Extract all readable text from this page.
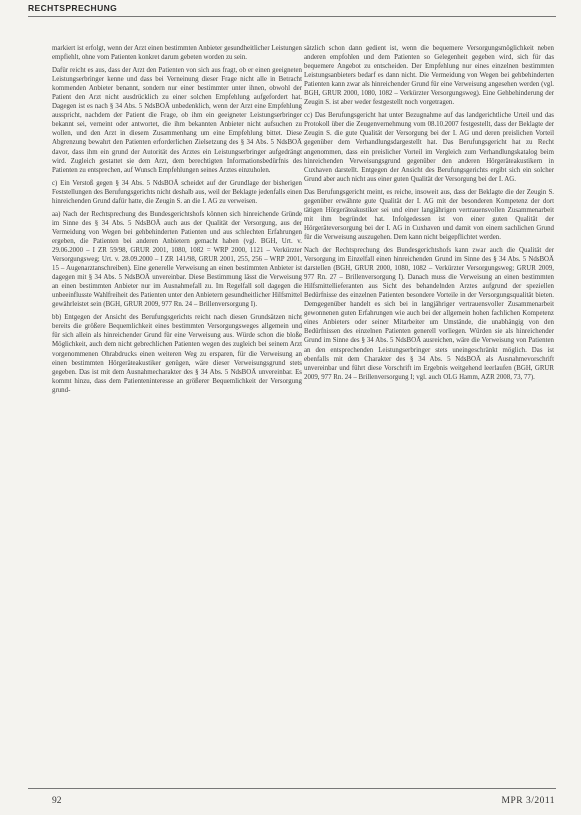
RECHTSPRECHUNG

markiert ist erfolgt, wenn der Arzt einen bestimmten Anbieter gesundheitlicher Leistungen empfiehlt, ohne vom Patienten konkret darum gebeten worden zu sein.

Dafür reicht es aus, dass der Arzt den Patienten von sich aus fragt, ob er einen geeigneten Leistungserbringer kenne und dass bei Verneinung dieser Frage nicht alle in Betracht kommenden Anbieter benannt, sondern nur einer bestimmter unter ihnen, obwohl der Patient den Arzt nicht ausdrücklich zu einer solchen Empfehlung aufgefordert hat. Dagegen ist es nach § 34 Abs. 5 NdsBOÄ unbedenklich, wenn der Arzt eine Empfehlung ausspricht, nachdem der Patient die Frage, ob ihm ein geeigneter Leistungserbringer bekannt sei, verneint oder antwortet, die ihm bekannten Anbieter nicht aufsuchen zu wollen, und den Arzt in diesem Zusammenhang um eine Empfehlung bittet. Diese Abgrenzung bewahrt den Patienten erforderlichen Zielsetzung des § 34 Abs. 5 NdsBOÄ davor, dass ihm ein grund der Autorität des Arztes ein Leistungserbringer aufgedrängt wird. Zugleich gestattet sie dem Arzt, dem berechtigten Informationsbedürfnis des Patienten zu entsprechen, auf Wunsch Empfehlungen seines Arztes einzuholen.

c) Ein Verstoß gegen § 34 Abs. 5 NdsBOÄ scheidet auf der Grundlage der bisherigen Feststellungen des Berufungsgerichts nicht deshalb aus, weil der Beklagte jedenfalls einen hinreichenden Grund dafür hatte, die Zeugin S. an die I. AG zu verweisen.

aa) Nach der Rechtsprechung des Bundesgerichtshofs können sich hinreichende Gründe im Sinne des § 34 Abs. 5 NdsBOÄ auch aus der Qualität der Versorgung, aus der Vermeidung von Wegen bei gehbehinderten Patienten und aus schlechten Erfahrungen ergeben, die Patienten bei anderen Anbietern gemacht haben (vgl. BGH, Urt. v. 29.06.2000 – I ZR 59/98, GRUR 2001, 1080, 1082 = WRP 2000, 1121 – Verkürzter Versorgungsweg; Urt. v. 28.09.2000 – I ZR 141/98, GRUR 2001, 255, 256 – WRP 2001, 15 – Augenarztanschreiben). Eine generelle Verweisung an einen bestimmten Anbieter ist dagegen mit § 34 Abs. 5 NdsBOÄ unvereinbar. Diese Bestimmung lässt die Verweisung an einen bestimmten Anbieter nur im Ausnahmefall zu. Im Regelfall soll dagegen die unbeeinflusste Wahlfreiheit des Patienten unter den Anbietern gesundheitlicher Hilfsmittel gewährleistet sein (BGH, GRUR 2009, 977 Rn. 24 – Brillenversorgung I).

bb) Entgegen der Ansicht des Berufungsgerichts reicht nach diesen Grundsätzen nicht bereits die größere Bequemlichkeit eines bestimmten Versorgungsweges allgemein und für sich allein als hinreichender Grund für eine Verweisung aus. Würde schon die bloße Möglichkeit, auch dem nicht gebrechlichen Patienten wegen des zugleich bei seinem Arzt vorgenommenen Ohrabdrucks einen weiteren Weg zu ersparen, für die Verweisung an einen bestimmten Hörgeräteakustiker genügen, wäre dieser Verweisungsgrund stets gegeben. Das ist mit dem Ausnahmecharakter des § 34 Abs. 5 NdsBOÄ unvereinbar. Es kommt hinzu, dass dem Patienteninteresse an größerer Bequemlichkeit der Versorgung grund-

sätzlich schon dann gedient ist, wenn die bequemere Versorgungsmöglichkeit neben anderen empfohlen und dem Patienten so Gelegenheit gegeben wird, sich für das bequemere Angebot zu entscheiden. Der Empfehlung nur eines einzelnen bestimmten Leistungsanbieters bedarf es dann nicht. Die Vermeidung von Wegen bei gehbehinderten Patienten kann zwar als hinreichender Grund für eine Verweisung angesehen werden (vgl. BGH, GRUR 2000, 1080, 1082 – Verkürzter Versorgungsweg). Eine Gehbehinderung der Zeugin S. ist aber weder festgestellt noch vorgetragen.

cc) Das Berufungsgericht hat unter Bezugnahme auf das landgerichtliche Urteil und das Protokoll über die Zeugenvernehmung vom 08.10.2007 festgestellt, dass der Beklagte der Zeugin S. die gute Qualität der Versorgung bei der I. AG und deren preislichen Vorteil gegenüber dem Verhandlungsdargestellt hat. Das Berufungsgericht hat zu Recht angenommen, dass ein preislicher Vorteil im Vergleich zum Verhandlungskatalog beim hinreichenden Verweisungsgrund gegenüber den anderen Hörgeräteakustikern in Cuxhaven darstellt. Entgegen der Ansicht des Berufungsgerichts ergibt sich ein solcher Grund aber auch nicht aus einer guten Qualität der Versorgung bei der I. AG.

Das Berufungsgericht meint, es reiche, insoweit aus, dass der Beklagte die der Zeugin S. gegenüber erwähnte gute Qualität der I. AG mit der besonderen Kompetenz der dort tätigen Hörgeräteakustiker sei und einer langjährigen vertrauensvollen Zusammenarbeit mit ihm begründet hat. Infolgedessen ist von einer guten Qualität der Hörgeräteversorgung bei der I. AG in Cuxhaven und damit von einem sachlichen Grund für die Verweisung auszugehen. Dem kann nicht beigepflichtet werden.

Nach der Rechtsprechung des Bundesgerichtshofs kann zwar auch die Qualität der Versorgung im Einzelfall einen hinreichenden Grund im Sinne des § 34 Abs. 5 NdsBOÄ darstellen (BGH, GRUR 2000, 1080, 1082 – Verkürzter Versorgungsweg; GRUR 2009, 977 Rn. 27 – Brillenversorgung I). Danach muss die Verweisung an einen bestimmten Hilfsmittellieferanten aus Sicht des behandelnden Arztes aufgrund der speziellen Bedürfnisse des einzelnen Patienten besondere Vorteile in der Versorgungsqualität bieten. Demgegenüber handelt es sich bei in langjähriger vertrauensvoller Zusammenarbeit gewonnenen guten Erfahrungen wie auch bei der allgemein hohen fachlichen Kompetenz eines Anbieters oder seiner Mitarbeiter um Umstände, die unabhängig von den Bedürfnissen des einzelnen Patienten generell vorliegen. Würden sie als hinreichender Grund im Sinne des § 34 Abs. 5 NdsBOÄ ausreichen, wäre die Verweisung von Patienten an den entsprechenden Leistungserbringer stets uneingeschränkt möglich. Das ist ebenfalls mit dem Charakter des § 34 Abs. 5 NdsBOÄ als Ausnahmevorschrift unvereinbar und führt diese Vorschrift im Ergebnis weitgehend leerlaufen (BGH, GRUR 2009, 977 Rn. 24 – Brillenversorgung I; vgl. auch OLG Hamm, AZR 2008, 73, 77).

92	MPR 3/2011
